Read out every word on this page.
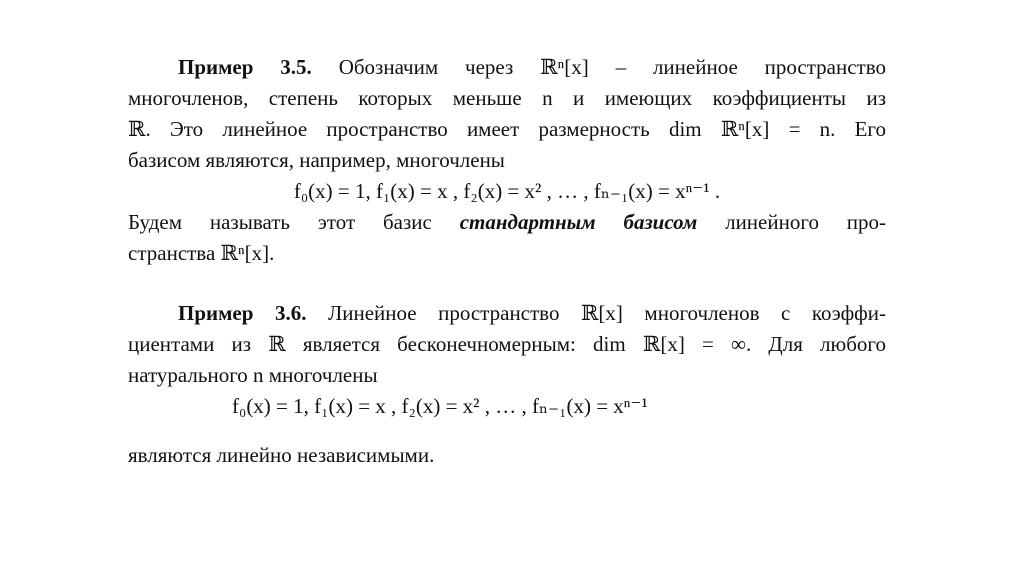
Пример 3.5. Обозначим через ℝⁿ[x] – линейное пространство
многочленов, степень которых меньше n и имеющих коэффициенты из
ℝ. Это линейное пространство имеет размерность dim ℝⁿ[x] = n. Его
базисом являются, например, многочлены
f₀(x) = 1, f₁(x) = x , f₂(x) = x² , … , fₙ₋₁(x) = xⁿ⁻¹ .
Будем называть этот базис стандартным базисом линейного про-
странства ℝⁿ[x].
Пример 3.6. Линейное пространство ℝ[x] многочленов с коэффи-
циентами из ℝ является бесконечномерным: dim ℝ[x] = ∞. Для любого
натурального n многочлены
f₀(x) = 1, f₁(x) = x , f₂(x) = x² , … , fₙ₋₁(x) = xⁿ⁻¹
являются линейно независимыми.
